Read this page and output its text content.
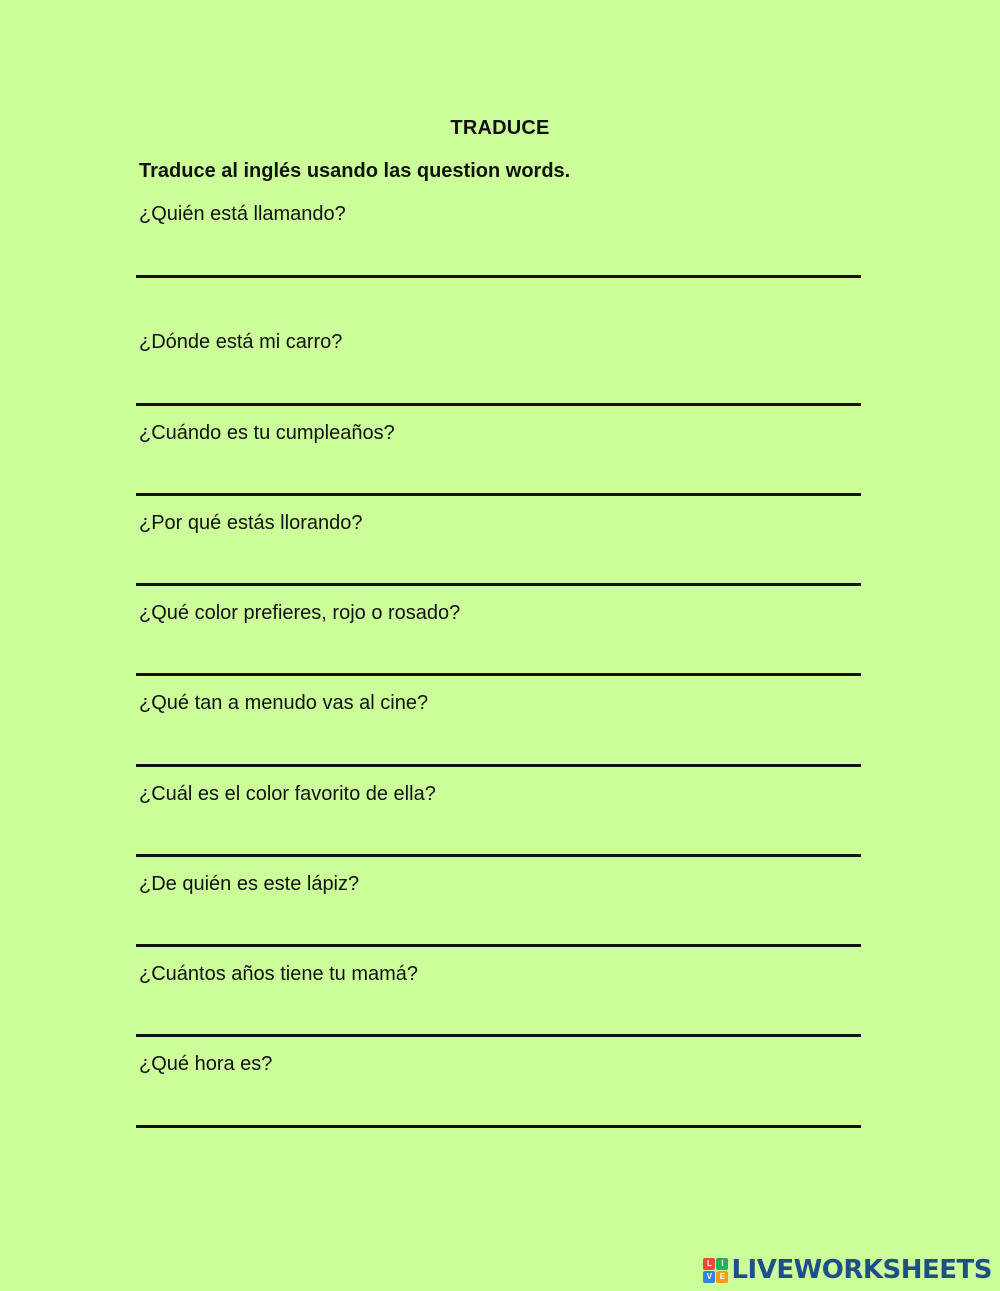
TRADUCE
Traduce al inglés usando las question words.
¿Quién está llamando?
¿Dónde está mi carro?
¿Cuándo es tu cumpleaños?
¿Por qué estás llorando?
¿Qué color prefieres, rojo o rosado?
¿Qué tan a menudo vas al cine?
¿Cuál es el color favorito de ella?
¿De quién es este lápiz?
¿Cuántos años tiene tu mamá?
¿Qué hora es?
L	I
V E LIVEWORKSHEETS
